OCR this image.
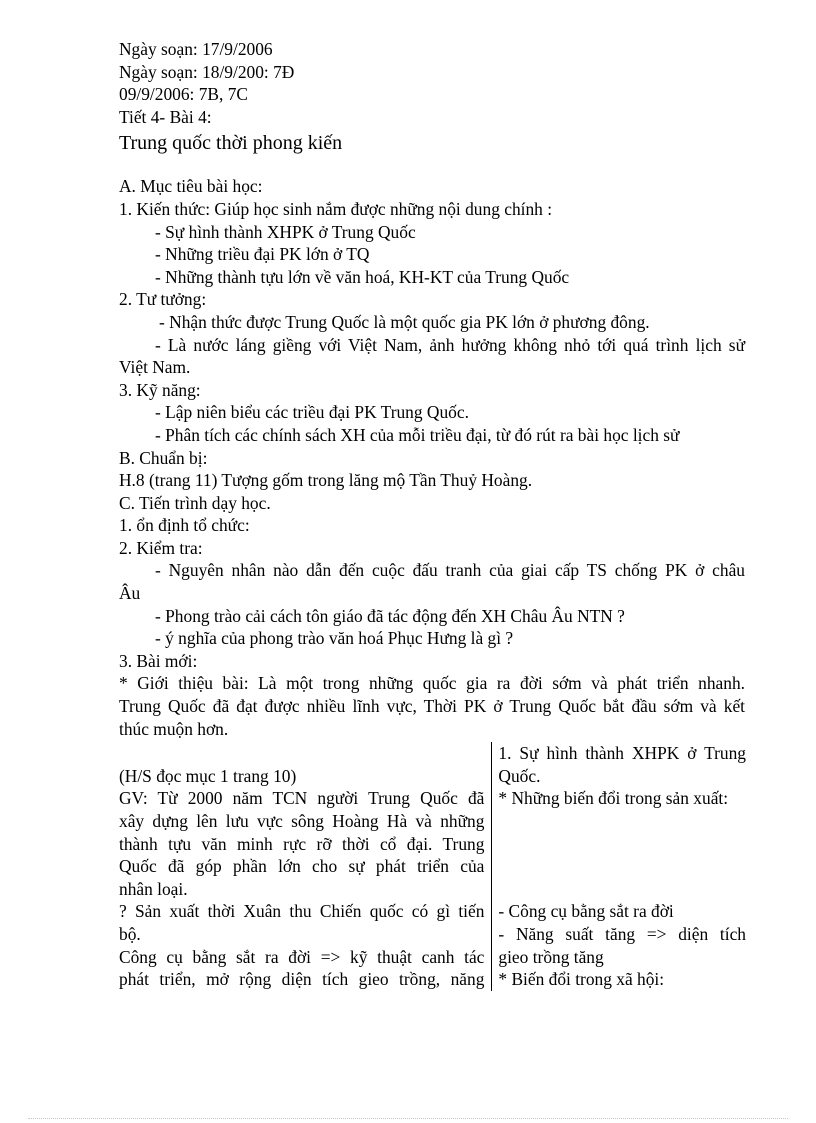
Ngày soạn: 17/9/2006
Ngày soạn: 18/9/200: 7Đ
09/9/2006: 7B, 7C
Tiết 4- Bài 4:
Trung quốc thời phong kiến
A. Mục tiêu bài học:
1. Kiến thức: Giúp học sinh nắm được những nội dung chính :
- Sự hình thành XHPK ở Trung Quốc
- Những triều đại PK lớn ở TQ
- Những thành tựu lớn về văn hoá, KH-KT của Trung Quốc
2. Tư tưởng:
- Nhận thức được Trung Quốc là một quốc gia PK lớn ở phương đông.
- Là nước láng giềng với Việt Nam, ảnh hưởng không nhỏ tới quá trình lịch sử
Việt Nam.
3. Kỹ năng:
- Lập niên biểu các triều đại PK Trung Quốc.
- Phân tích các chính sách XH của mỗi triều đại, từ đó rút ra bài học lịch sử
B. Chuẩn bị:
H.8 (trang 11) Tượng gốm trong lăng mộ Tần Thuỷ Hoàng.
C. Tiến trình dạy học.
1. ổn định tổ chức:
2. Kiểm tra:
- Nguyên nhân nào dẫn đến cuộc đấu tranh của giai cấp TS chống PK ở châu
Âu
- Phong trào cải cách tôn giáo đã tác động đến XH Châu Âu NTN ?
- ý nghĩa của phong trào văn hoá Phục Hưng là gì ?
3. Bài mới:
* Giới thiệu bài: Là một trong những quốc gia ra đời sớm và phát triển nhanh.
Trung Quốc đã đạt được nhiều lĩnh vực, Thời PK ở Trung Quốc bắt đầu sớm và kết
thúc muộn hơn.

(H/S đọc mục 1 trang 10)
GV: Từ 2000 năm TCN người Trung Quốc đã
xây dựng lên lưu vực sông Hoàng Hà và những
thành tựu văn minh rực rỡ thời cổ đại. Trung
Quốc đã góp phần lớn cho sự phát triển của
nhân loại.
? Sản xuất thời Xuân thu Chiến quốc có gì tiến
bộ.
Công cụ bằng sắt ra đời => kỹ thuật canh tác
phát triển, mở rộng diện tích gieo trồng, năng
1. Sự hình thành XHPK ở Trung
Quốc.
* Những biến đổi trong sản xuất:

- Công cụ bằng sắt ra đời
- Năng suất tăng => diện tích
gieo trồng tăng
* Biến đổi trong xã hội:
